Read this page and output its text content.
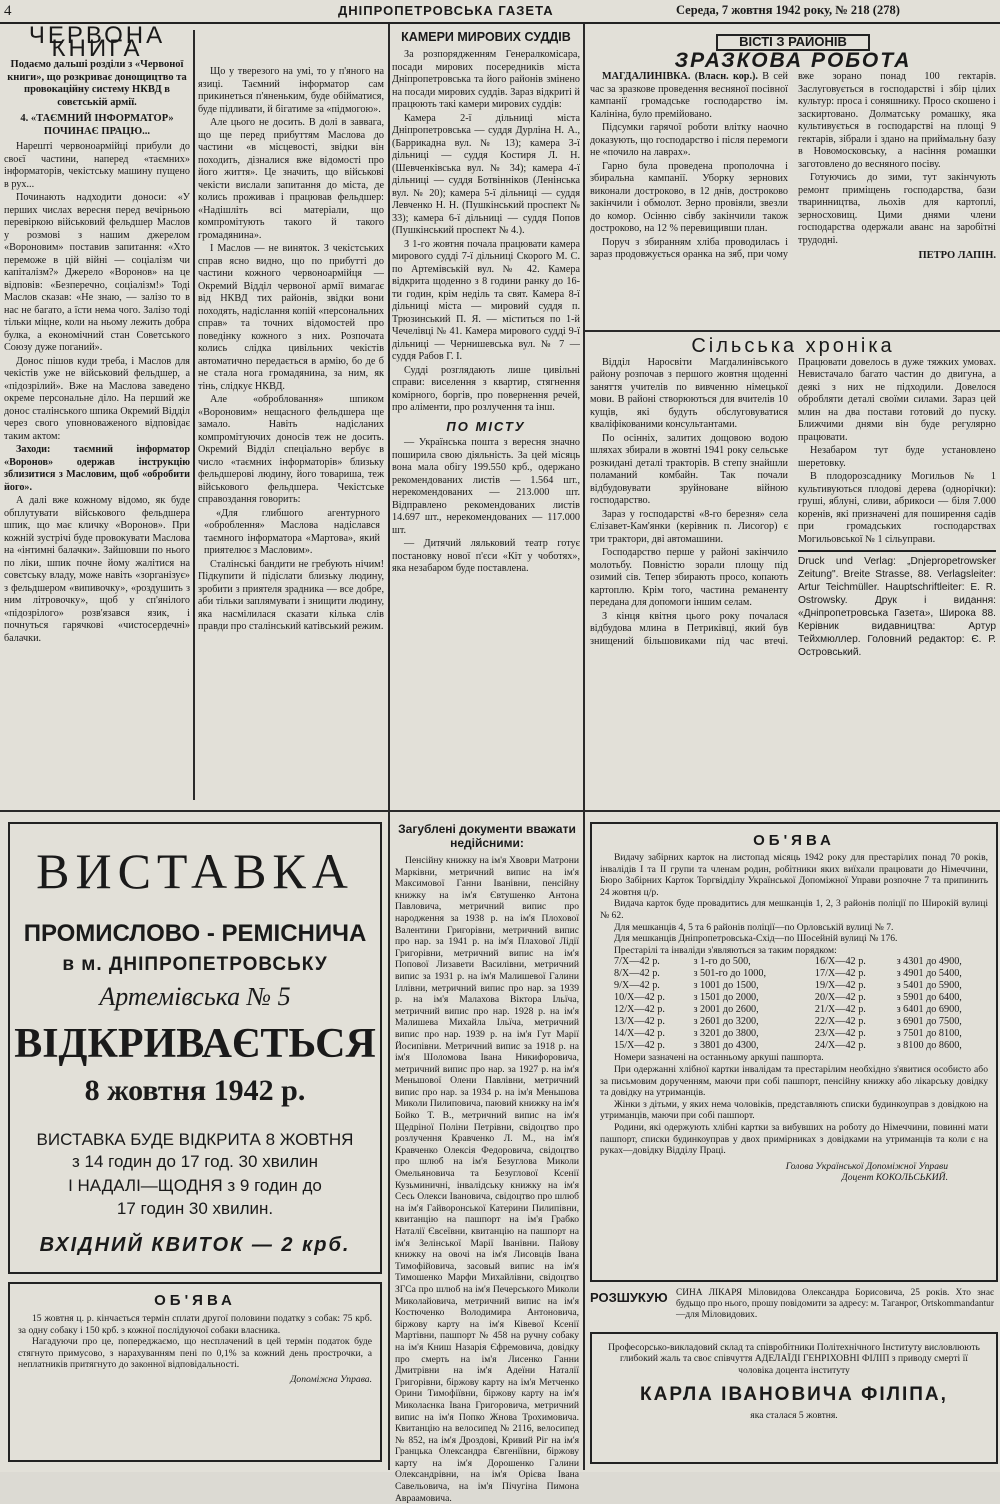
4	ДНІПРОПЕТРОВСЬКА ГАЗЕТА	Середа, 7 жовтня 1942 року, № 218 (278)
ЧЕРВОНА КНИГА
Подаємо дальші розділи з «Червоної книги», що розкриває донощицтво та провокаційну систему НКВД в совєтській армії.
4. «ТАЄМНИЙ ІНФОРМАТОР» ПОЧИНАЄ ПРАЦЮ...

Нарешті червоноармійці прибули до своєї частини, наперед «таємних» інформаторів, чекістську машину пущено в рух...

Починають надходити доноси: «У перших числах вересня перед вечірньою перевіркою військовий фельдшер Маслов у розмові з нашим джерелом «Вороновим» поставив запитання: «Хто переможе в цій війні — соціалізм чи капіталізм?» Джерело «Воронов» на це відповів: «Безперечно, соціалізм!» Тоді Маслов сказав: «Не знаю, — залізо то в нас не багато, а їсти нема чого. Залізо тоді тільки міцне, коли на ньому лежить добра булка, а економічний стан Советського Союзу дуже поганий».

Донос пішов куди треба, і Маслов для чекістів уже не військовий фельдшер, а «підозрілий». Вже на Маслова заведено окреме персональне діло. На перший же донос сталінського шпика Окремий Відділ через свого уповноваженого відповідає таким актом:

Заходи: таємний інформатор «Воронов» одержав інструкцію зблизитися з Масловим, щоб «обробити його».

А далі вже кожному відомо, як буде обплутувати військового фельдшера шпик, що має кличку «Воронов». При кожній зустрічі буде провокувати Маслова на «інтимні балачки». Зайшовши по нього по ліки, шпик почне йому жалітися на совєтську владу, може навіть «зорганізує» з фельдшером «випивочку», «роздушить з ним літровочку», щоб у сп'янілого «підозрілого» розв'язався язик, і почнуться гарячкові «чистосердечні» балачки.

Що у тверезого на умі, то у п'яного на язиці. Таємний інформатор сам прикинеться п'яненьким, буде обійматися, буде підливати, й бігатиме за «підмогою».

Але цього не досить. В долі в заввага, що ще перед прибуттям Маслова до частини «в місцевості, звідки він походить, дізналися вже відомості про його життя». Це значить, що військові чекісти вислали запитання до міста, де колись проживав і працював фельдшер: «Надішліть всі матеріали, що компромітують такого й такого громадянина».

І Маслов — не виняток. З чекістських справ ясно видно, що по прибутті до частини кожного червоноармійця — Окремий Відділ червоної армії вимагає від НКВД тих районів, звідки вони походять, надіслання копій «персональних справ» та точних відомостей про поведінку кожного з них. Розпочата колись слідка цивільних чекістів автоматично передається в армію, бо де б не стала нога громадянина, за ним, як тінь, слідкує НКВД.

Але «обробловання» шпиком «Вороновим» нещасного фельдшера ще замало. Навіть надісланих компромітуючих доносів теж не досить. Окремий Відділ спеціально вербує в число «таємних інформаторів» близьку фельдшерові людину, його товариша, теж військового фельдшера. Чекістське справоздання говорить:

«Для глибшого агентурного «оброблення» Маслова надіслався таємного інформатора «Мартова», який приятелює з Масловим».

Сталінські бандити не гребують нічим! Підкупити й підіслати близьку людину, зробити з приятеля зрадника — все добре, аби тільки заплямувати і знищити людину, яка насмілилася сказати кілька слів правди про сталінський катівський режим.

КАМЕРИ МИРОВИХ СУДДІВ

За розпорядженням Генералкомісара, посади мирових посередників міста Дніпропетровська та його районів змінено на посади мирових суддів. Зараз відкриті й працюють такі камери мирових суддів:

Камера 2-ї дільниці міста Дніпропетровська — суддя Дурліна Н. А., (Баррикадна вул. № 13); камера 3-ї дільниці — суддя Костиря Л. Н. (Шевченківська вул. № 34); камера 4-ї дільниці — суддя Ботвінніков (Ленінська вул. № 20); камера 5-ї дільниці — суддя Левченко Н. Н. (Пушкінський проспект № 33); камера 6-ї дільниці — суддя Попов (Пушкінський проспект № 4.).

З 1-го жовтня почала працювати камера мирового судді 7-ї дільниці Скорого М. С. по Артемівській вул. № 42. Камера відкрита щоденно з 8 години ранку до 16-ти годин, крім неділь та свят. Камера 8-ї дільниці міста — мировий суддя п. Трюзинський П. Я. — міститься по 1-й Чечелівці № 41. Камера мирового судді 9-ї дільниці — Чернишевська вул. № 7 — суддя Рабов Г. І.

Судді розглядають лише цивільні справи: виселення з квартир, стягнення комірного, боргів, про повернення речей, про аліменти, про розлучення та інш.

ПО МІСТУ

— Українська пошта з вересня значно поширила свою діяльність. За цей місяць вона мала обігу 199.550 крб., одержано рекомендованих листів — 1.564 шт., нерекомендованих — 213.000 шт. Відправлено рекомендованих листів 14.697 шт., нерекомендованих — 117.000 шт.

— Дитячий ляльковий театр готує постановку нової п'єси «Кіт у чоботях», яка незабаром буде поставлена.

ВІСТІ З РАЙОНІВ
ЗРАЗКОВА РОБОТА

МАГДАЛИНІВКА. (Власн. кор.). В сей час за зразкове проведення весняної посівної кампанії громадське господарство ім. Калініна, було премійовано.

Підсумки гарячої роботи влітку наочно доказують, що господарство і після перемоги не «почило на лаврах».

Гарно була проведена прополочна і збиральна кампанії. Уборку зернових виконали достроково, в 12 днів, достроково закінчили і обмолот. Зерно провіяли, звезли до комор. Осінню сівбу закінчили також достроково, на 12 % перевищивши план.

Поруч з збиранням хліба проводилась і зараз продовжується оранка на зяб, при чому вже зорано понад 100 гектарів. Заслуговується в господарстві і збір цілих культур: проса і соняшнику. Просо скошено і заскиртовано. Долматську ромашку, яка культивується в господарстві на площі 9 гектарів, зібрали і здано на приймальну базу в Новомосковську, а насіння ромашки заготовлено до весняного посіву.

Готуючись до зими, тут закінчують ремонт приміщень господарства, бази тваринництва, льохів для картоплі, зерносховищ. Цими днями члени господарства одержали аванс на заробітні трудодні.

ПЕТРО ЛАПІН.
Сільська хроніка

Відділ Наросвіти Магдалинівського району розпочав з першого жовтня щоденні заняття учителів по вивченню німецької мови. В районі створюються для вчителів 10 кущів, які будуть обслуговуватися кваліфікованими консультантами.

По осінніх, залитих дощовою водою шляхах збирали в жовтні 1941 року сельське розкидані деталі тракторів. В степу знайшли поламаний комбайн. Так почали відбудовувати зруйноване війною господарство.

Зараз у господарстві «8-го березня» села Єлізавет-Кам'янки (керівник п. Лисогор) є три трактори, дві автомашини.

Господарство перше у районі закінчило молотьбу. Повністю зорали площу під озимий сів. Тепер збирають просо, копають картоплю. Крім того, частина реманенту передана для допомоги іншим селам.

З кінця квітня цього року почалася відбудова млина в Петриківці, який був знищений більшовиками під час втечі. Працювати довелось в дуже тяжких умовах. Невистачало багато частин до двигуна, а деякі з них не підходили. Довелося обробляти деталі своїми силами. Зараз цей млин на два постави готовий до пуску. Ближчими днями він буде регулярно працювати.

Незабаром тут буде установлено шеретовку.

В плодорозсаднику Могильов № 1 культивуються плодові дерева (однорічки): груші, яблуні, сливи, абрикоси — біля 7.000 коренів, які призначені для поширення садів при громадських господарствах Могильовської № 1 сільуправи.

Druck und Verlag: „Dnjepropetrowsker Zeitung". Breite Strasse, 88. Verlagsleiter: Artur Teichmüller. Hauptschriftleiter: E. R. Ostrowsky. Друк і видання: «Дніпропетровська Газета», Широка 88. Керівник видавництва: Артур Тейхмюллер. Головний редактор: Є. Р. Островський.
ВИСТАВКА
ПРОМИСЛОВО - РЕМІСНИЧА
в м. ДНІПРОПЕТРОВСЬКУ
Артемівська № 5
ВІДКРИВАЄТЬСЯ
8 жовтня 1942 р.
ВИСТАВКА БУДЕ ВІДКРИТА 8 ЖОВТНЯ
з 14 годин до 17 год. 30 хвилин
І НАДАЛІ—ЩОДНЯ з 9 годин до
17 годин 30 хвилин.
ВХІДНИЙ КВИТОК — 2 крб.
ОБ'ЯВА

15 жовтня ц. р. кінчається термін сплати другої половини податку з собак: 75 крб. за одну собаку і 150 крб. з кожної послідуючої собаки власника.

Нагадуючи про це, попереджаємо, що несплачений в цей термін податок буде стягнуто примусово, з нарахуванням пені по 0,1% за кожний день прострочки, а неплатників притягнуто до законної відповідальності.

Допоміжна Управа.
Загублені документи вважати недійсними:

Пенсійну книжку на ім'я Хвоври Матрони Марківни, метричний випис на ім'я Максимової Ганни Іванівни, пенсійну книжку на ім'я Євтушенко Антона Павловича, метричний випис про народження за 1938 р. на ім'я Плохової Валентини Григорівни, метричний випис про нар. за 1941 р. на ім'я Плахової Лідії Григорівни, метричний випис на ім'я Попової Лизавети Василівни, метричний випис за 1931 р. на ім'я Малишевої Галини Іллівни, метричний випис про нар. за 1939 р. на ім'я Малахова Віктора Ільїча, метричний випис про нар. 1928 р. на ім'я Малишева Михайла Ільїча, метричний випис про нар. 1939 р. на ім'я Гут Марії Йосипівни. Метричний випис за 1918 р. на ім'я Шоломова Івана Никифоровича, метричний випис про нар. за 1927 р. на ім'я Меньшової Олени Павлівни, метричний випис про нар. за 1934 р. на ім'я Меньшова Миколи Пилиповича, паювий книжку на ім'я Бойко Т. В., метричний випис на ім'я Щедріної Поліни Петрівни, свідоцтво про розлучення Кравченко Л. М., на ім'я Кравченко Олексія Федоровича, свідоцтво про шлюб на ім'я Безуглова Миколи Омельяновича та Безуглової Ксенії Кузьминичні, інвалідську книжку на ім'я Сесь Олекси Івановича, свідоцтво про шлюб на ім'я Гайворонської Катерини Пилипівни, квитанцію на пашпорт на ім'я Грабко Наталії Євсеївни, квитанцію на пашпорт на ім'я Зелінської Марії Іванівни. Пайову книжку на овочі на ім'я Лисовців Івана Тимофійовича, засовый випис на ім'я Тимошенко Марфи Михайлівни, свідоцтво ЗГСа про шлюб на ім'я Печерського Миколи Миколайовича, метричний випис на ім'я Костюченко Володимира Антоновича, біржову карту на ім'я Ківевої Ксенії Мартівни, пашпорт № 458 на ручну собаку на ім'я Книш Назарія Єфремовича, довідку про смерть на ім'я Лисенко Ганни Дмитрівни на ім'я Адеїни Наталії Григорівни, біржову карту на ім'я Метченко Орини Тимофіївни, біржову карту на ім'я Миколаєнка Івана Григоровича, метричний випис на ім'я Попко Жнова Трохимовича. Квитанцію на велосипед № 2116, велосипед № 852, на ім'я Дроздові, Кривий Ріг на ім'я Гранцька Олександра Євгеніївни, біржову карту на ім'я Дорошенко Галини Олександрівни, на ім'я Орієва Івана Савельовича, на ім'я Пічугіна Пимона Авраамовича.

ОБ'ЯВА

Видачу забірних карток на листопад місяць 1942 року для престарілих понад 70 років, інвалідів І та ІІ групи та членам родин, робітники яких виїхали працювати до Німеччини, Бюро Забірних Карток Торгвідділу Української Допоміжної Управи розпочне 7 та припинить 24 жовтня ц/р.

Видача карток буде провадитись для мешканців 1, 2, 3 районів поліції по Широкій вулиці № 62.

Для мешканців 4, 5 та 6 районів поліції—по Орловській вулиці № 7.

Для мешканців Дніпропетровська-Схід—по Шосейній вулиці № 176.

Престарілі та інваліди з'являються за таким порядком:

7/Х—42 р.	з 1-го до 500,	16/Х—42 р.	з 4301 до 4900,
8/Х—42 р.	з 501-го до 1000,	17/Х—42 р.	з 4901 до 5400,
9/Х—42 р.	з 1001 до 1500,	19/Х—42 р.	з 5401 до 5900,
10/Х—42 р.	з 1501 до 2000,	20/Х—42 р.	з 5901 до 6400,
12/Х—42 р.	з 2001 до 2600,	21/Х—42 р.	з 6401 до 6900,
13/Х—42 р.	з 2601 до 3200,	22/Х—42 р.	з 6901 до 7500,
14/Х—42 р.	з 3201 до 3800,	23/Х—42 р.	з 7501 до 8100,
15/Х—42 р.	з 3801 до 4300,	24/Х—42 р.	з 8100 до 8600,

Номери зазначені на останньому аркуші пашпорта.

При одержанні хлібної картки інвалідам та престарілим необхідно з'явитися особисто або за письмовим дорученням, маючи при собі пашпорт, пенсійну книжку або лікарську довідку та довідку на утриманців.

Жінки з дітьми, у яких нема чоловіків, представляють списки будинкоуправ з довідкою на утриманців, маючи при собі пашпорт.

Родини, які одержують хлібні картки за вибувших на роботу до Німеччини, повинні мати пашпорт, списки будинкоуправ у двох примірниках з довідками на утриманців та коли є на руках—довідку Відділу Праці.

Голова Української Допоміжної Управи
Доцент КОКОЛЬСЬКИЙ.
РОЗШУКУЮ СИНА ЛІКАРЯ Міловидова Олександра Борисовича, 25 років. Хто знає будьщо про нього, прошу повідомити за адресу: м. Таганрог, Ortskommandantur—для Міловидових.
Професорсько-викладовий склад та співробітники Політехнічного Інституту висловлюють глибокий жаль та своє співчуття АДЕЛАЇДІ ГЕНРІХОВНІ ФІЛІП з приводу смерті її чоловіка доцента інституту
КАРЛА ІВАНОВИЧА ФІЛІПА,
яка сталася 5 жовтня.
